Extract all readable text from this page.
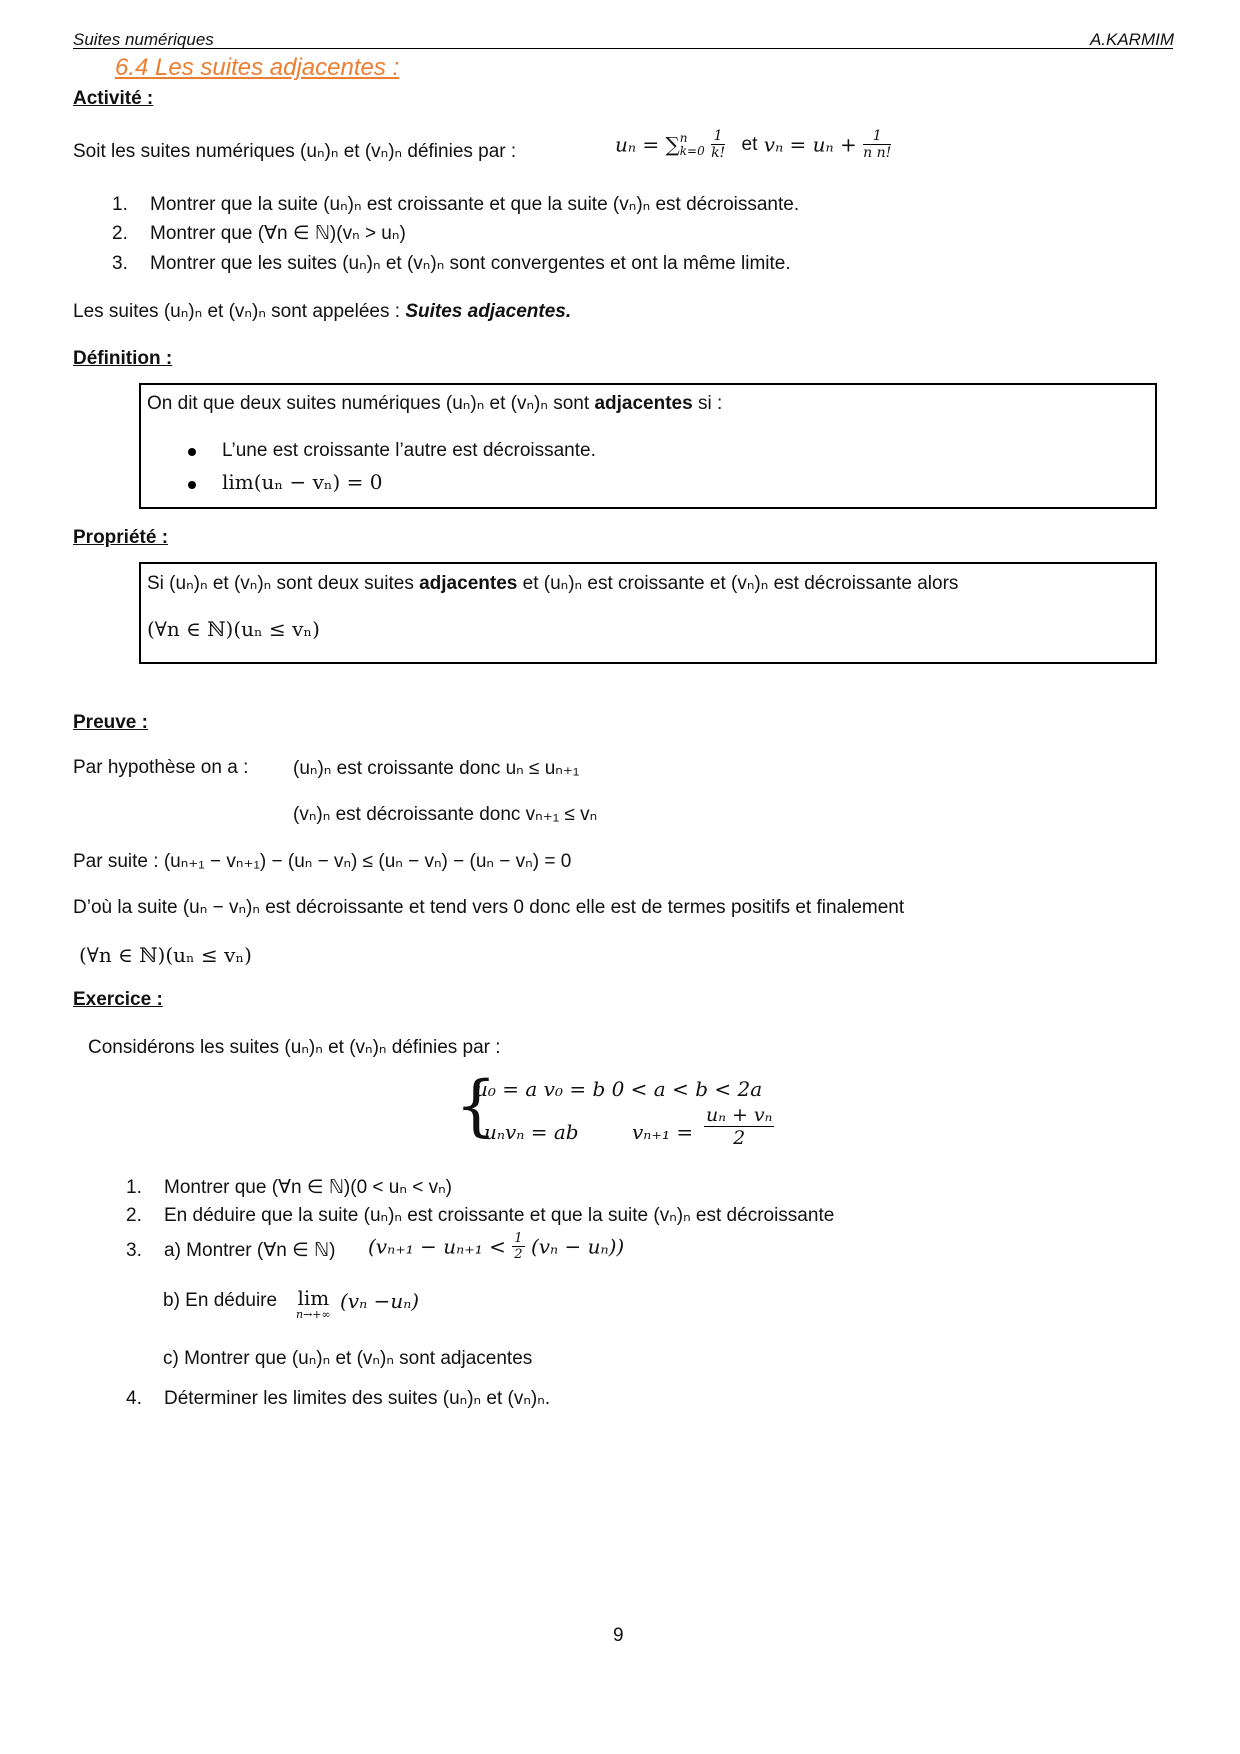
Suites numériques	A.KARMIM
6.4 Les suites adjacentes :
Activité :
Soit les suites numériques (uₙ)ₙ et (vₙ)ₙ définies par :	uₙ = ∑ n
k=0
$\frac{1}{k!}$ et $v_n = u_n + \frac{1}{\text{n n!}}$
1. Montrer que la suite (uₙ)ₙ est croissante et que la suite (vₙ)ₙ est décroissante.
2. Montrer que (∀n ∈ ℕ)(vₙ > uₙ)
3. Montrer que les suites (uₙ)ₙ et (vₙ)ₙ sont convergentes et ont la même limite.
Les suites (uₙ)ₙ et (vₙ)ₙ sont appelées : Suites adjacentes.
Définition :
On dit que deux suites numériques (uₙ)ₙ et (vₙ)ₙ sont adjacentes si :
L’une est croissante l’autre est décroissante.
lim(uₙ − vₙ) = 0
Propriété :
Si (uₙ)ₙ et (vₙ)ₙ sont deux suites adjacentes et (uₙ)ₙ est croissante et (vₙ)ₙ est décroissante alors
(∀n ∈ ℕ)(uₙ ≤ vₙ)
Preuve :
Par hypothèse on a : (uₙ)ₙ est croissante donc uₙ ≤ uₙ₊₁
(vₙ)ₙ est décroissante donc vₙ₊₁ ≤ vₙ
Par suite : (uₙ₊₁ − vₙ₊₁) − (uₙ − vₙ) ≤ (uₙ − vₙ) − (uₙ − vₙ) = 0
D’où la suite (uₙ − vₙ)ₙ est décroissante et tend vers 0 donc elle est de termes positifs et finalement
(∀n ∈ ℕ)(uₙ ≤ vₙ)
Exercice :
Considérons les suites (uₙ)ₙ et (vₙ)ₙ définies par :
{
u₀ = a v₀ = b 0 < a < b < 2a
uₙvₙ = ab	$v_{n+1} = \frac{\text{uₙ + vₙ}}{2}$
1. Montrer que (∀n ∈ ℕ)(0 < uₙ < vₙ)
2. En déduire que la suite (uₙ)ₙ est croissante et que la suite (vₙ)ₙ est décroissante
3. a) Montrer (∀n ∈ ℕ) $(v_{n+1} - u_{n+1} < \frac{1}{2} (v_n - u_n))$
b) En déduire lim
n→+∞
(vₙ −uₙ)
c) Montrer que (uₙ)ₙ et (vₙ)ₙ sont adjacentes
4. Déterminer les limites des suites (uₙ)ₙ et (vₙ)ₙ.
9
